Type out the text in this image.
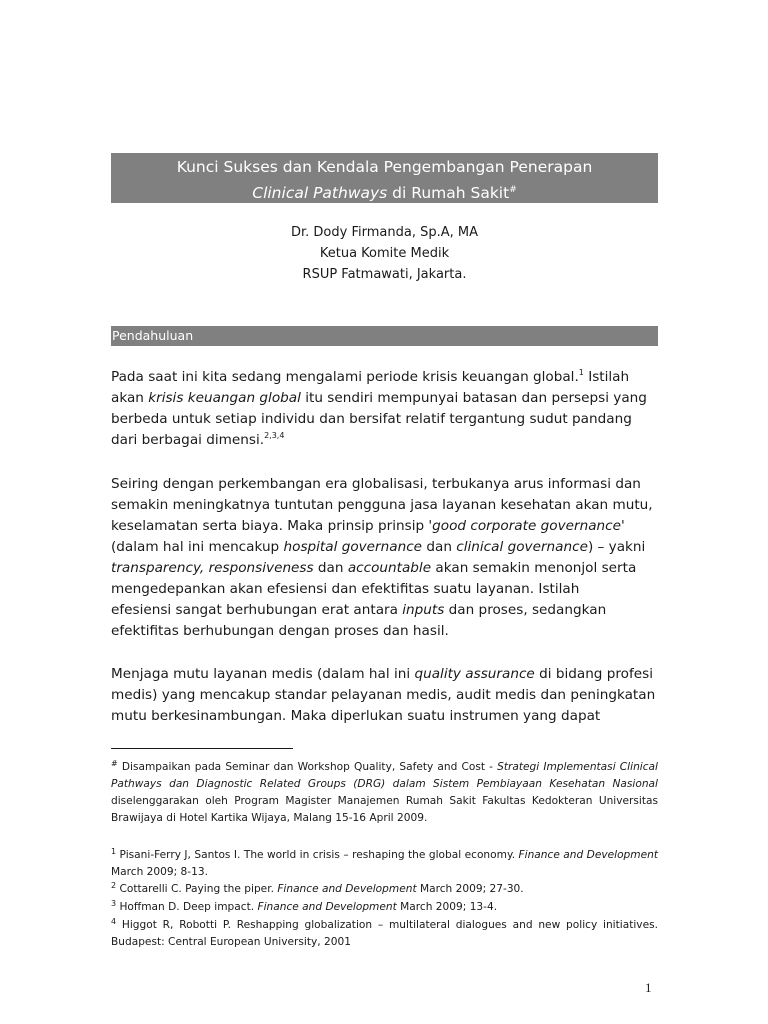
Kunci Sukses dan Kendala Pengembangan Penerapan
Clinical Pathways di Rumah Sakit#
Dr. Dody Firmanda, Sp.A, MA
Ketua Komite Medik
RSUP Fatmawati, Jakarta.
Pendahuluan

Pada saat ini kita sedang mengalami periode krisis keuangan global.$^1$ Istilah
akan krisis keuangan global itu sendiri mempunyai batasan dan persepsi yang
berbeda untuk setiap individu dan bersifat relatif tergantung sudut pandang
dari berbagai dimensi.$^{2,3,4}$

Seiring dengan perkembangan era globalisasi, terbukanya arus informasi dan
semakin meningkatnya tuntutan pengguna jasa layanan kesehatan akan mutu,
keselamatan serta biaya. Maka prinsip prinsip 'good corporate governance'
(dalam hal ini mencakup hospital governance dan clinical governance) – yakni
transparency, responsiveness dan accountable akan semakin menonjol serta
mengedepankan akan efesiensi dan efektifitas suatu layanan. Istilah
efesiensi sangat berhubungan erat antara inputs dan proses, sedangkan
efektifitas berhubungan dengan proses dan hasil.

Menjaga mutu layanan medis (dalam hal ini quality assurance di bidang profesi
medis) yang mencakup standar pelayanan medis, audit medis dan peningkatan
mutu berkesinambungan. Maka diperlukan suatu instrumen yang dapat

# Disampaikan pada Seminar dan Workshop Quality, Safety and Cost - Strategi Implementasi Clinical Pathways dan Diagnostic Related Groups (DRG) dalam Sistem Pembiayaan Kesehatan Nasional diselenggarakan oleh Program Magister Manajemen Rumah Sakit Fakultas Kedokteran Universitas Brawijaya di Hotel Kartika Wijaya, Malang 15-16 April 2009.

$^1$ Pisani-Ferry J, Santos I. The world in crisis – reshaping the global economy. Finance and Development March 2009; 8-13.

$^2$ Cottarelli C. Paying the piper. Finance and Development March 2009; 27-30.

$^3$ Hoffman D. Deep impact. Finance and Development March 2009; 13-4.

$^4$ Higgot R, Robotti P. Reshapping globalization – multilateral dialogues and new policy initiatives. Budapest: Central European University, 2001

1
